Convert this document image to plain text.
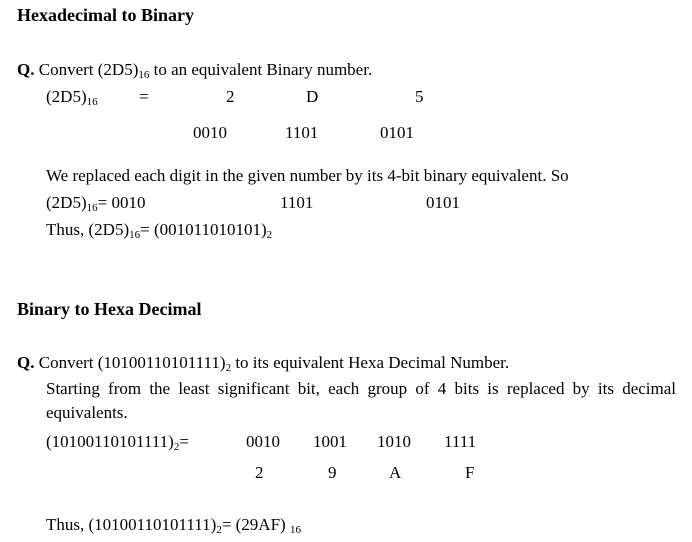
Hexadecimal to Binary
Q. Convert $(2D5)_{16}$ to an equivalent Binary number.
$(2D5)_{16}$ =	2	D	5
0010	1101	0101
We replaced each digit in the given number by its 4-bit binary equivalent. So
$(2D5)_{16}= 0010$	1101	0101
Thus, $(2D5)_{16}= (001011010101)_2$
Binary to Hexa Decimal
Q. Convert $(10100110101111)_2$ to its equivalent Hexa Decimal Number.
Starting from the least significant bit, each group of 4 bits is replaced by its decimal equivalents.
$(10100110101111)_2=$	0010 1001 1010 1111
2	9	A	F
Thus, $(10100110101111)_2= (29AF)$ $_{16}$
